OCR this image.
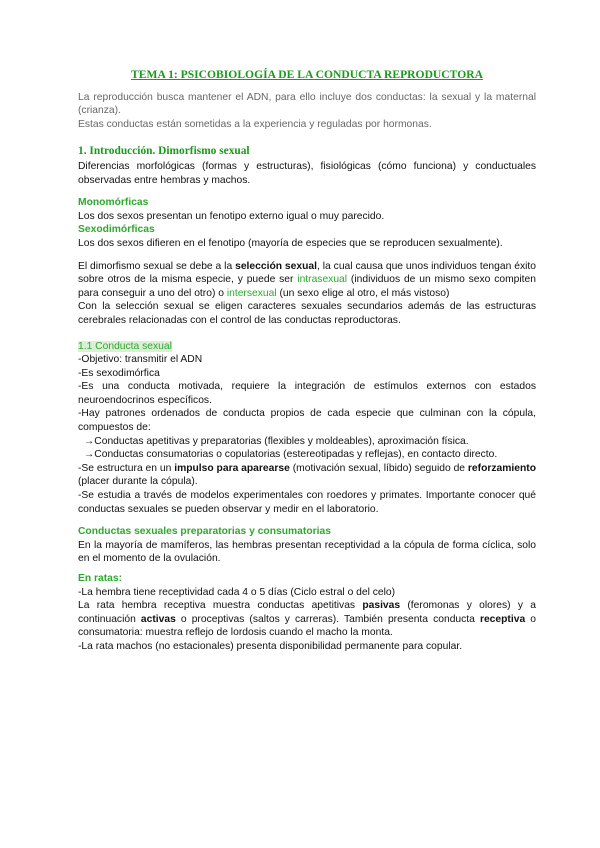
TEMA 1: PSICOBIOLOGÍA DE LA CONDUCTA REPRODUCTORA

La reproducción busca mantener el ADN, para ello incluye dos conductas: la sexual y la maternal (crianza).

Estas conductas están sometidas a la experiencia y reguladas por hormonas.

1. Introducción. Dimorfismo sexual

Diferencias morfológicas (formas y estructuras), fisiológicas (cómo funciona) y conductuales observadas entre hembras y machos.

Monomórficas

Los dos sexos presentan un fenotipo externo igual o muy parecido.

Sexodimórficas

Los dos sexos difieren en el fenotipo (mayoría de especies que se reproducen sexualmente).

El dimorfismo sexual se debe a la selección sexual, la cual causa que unos individuos tengan éxito sobre otros de la misma especie, y puede ser intrasexual (individuos de un mismo sexo compiten para conseguir a uno del otro) o intersexual (un sexo elige al otro, el más vistoso)

Con la selección sexual se eligen caracteres sexuales secundarios además de las estructuras cerebrales relacionadas con el control de las conductas reproductoras.

1.1 Conducta sexual

-Objetivo: transmitir el ADN

-Es sexodimórfica

-Es una conducta motivada, requiere la integración de estímulos externos con estados neuroendocrinos específicos.

-Hay patrones ordenados de conducta propios de cada especie que culminan con la cópula, compuestos de:

→Conductas apetitivas y preparatorias (flexibles y moldeables), aproximación física.

→Conductas consumatorias o copulatorias (estereotipadas y reflejas), en contacto directo.

-Se estructura en un impulso para aparearse (motivación sexual, líbido) seguido de reforzamiento (placer durante la cópula).

-Se estudia a través de modelos experimentales con roedores y primates. Importante conocer qué conductas sexuales se pueden observar y medir en el laboratorio.

Conductas sexuales preparatorias y consumatorias

En la mayoría de mamíferos, las hembras presentan receptividad a la cópula de forma cíclica, solo en el momento de la ovulación.

En ratas:

-La hembra tiene receptividad cada 4 o 5 días (Ciclo estral o del celo)

La rata hembra receptiva muestra conductas apetitivas pasivas (feromonas y olores) y a continuación activas o proceptivas (saltos y carreras). También presenta conducta receptiva o consumatoria: muestra reflejo de lordosis cuando el macho la monta.

-La rata machos (no estacionales) presenta disponibilidad permanente para copular.
